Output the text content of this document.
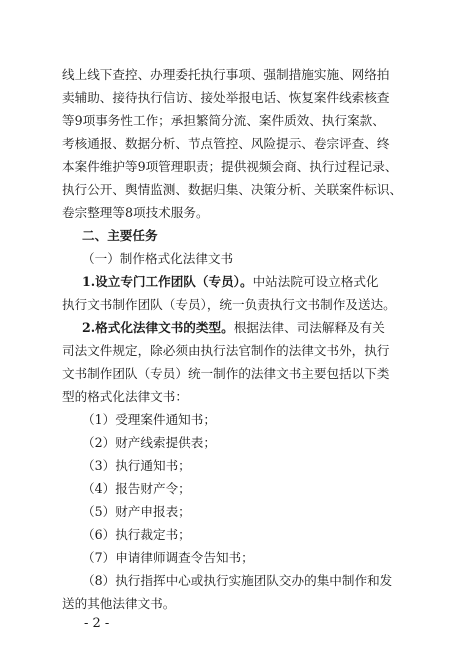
线上线下查控、办理委托执行事项、强制措施实施、网络拍
卖辅助、接待执行信访、接处举报电话、恢复案件线索核查
等9项事务性工作；承担繁简分流、案件质效、执行案款、
考核通报、数据分析、节点管控、风险提示、卷宗评查、终
本案件维护等9项管理职责；提供视频会商、执行过程记录、
执行公开、舆情监测、数据归集、决策分析、关联案件标识、
卷宗整理等8项技术服务。
二、主要任务
（一）制作格式化法律文书
1.设立专门工作团队（专员）。中站法院可设立格式化
执行文书制作团队（专员），统一负责执行文书制作及送达。
2.格式化法律文书的类型。根据法律、司法解释及有关
司法文件规定，除必须由执行法官制作的法律文书外，执行
文书制作团队（专员）统一制作的法律文书主要包括以下类
型的格式化法律文书：
（1）受理案件通知书；
（2）财产线索提供表；
（3）执行通知书；
（4）报告财产令；
（5）财产申报表；
（6）执行裁定书；
（7）申请律师调查令告知书；
（8）执行指挥中心或执行实施团队交办的集中制作和发
送的其他法律文书。
- 2 -
